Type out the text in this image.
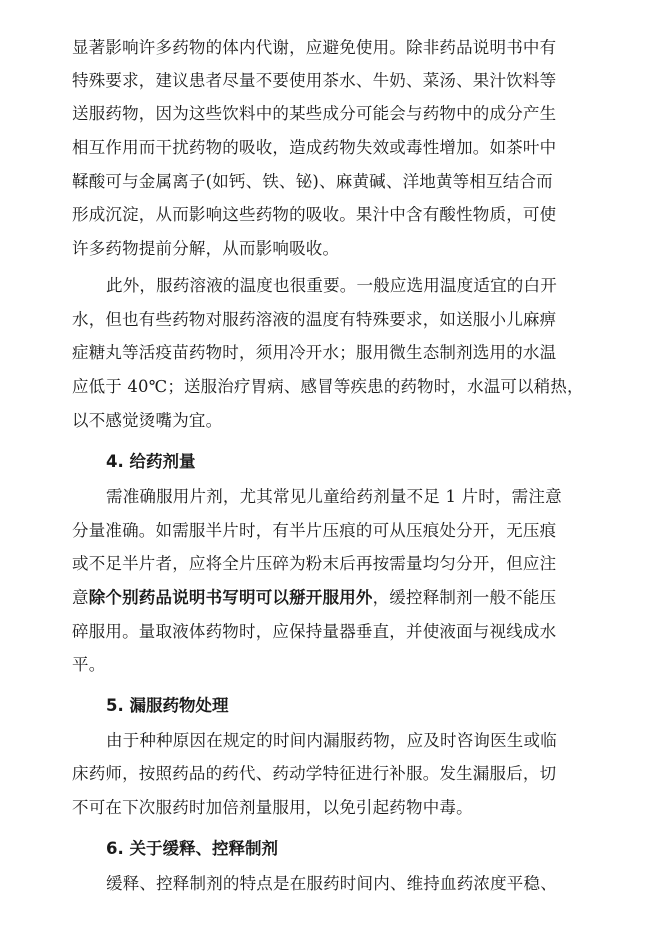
显著影响许多药物的体内代谢，应避免使用。除非药品说明书中有
特殊要求，建议患者尽量不要使用茶水、牛奶、菜汤、果汁饮料等
送服药物，因为这些饮料中的某些成分可能会与药物中的成分产生
相互作用而干扰药物的吸收，造成药物失效或毒性增加。如茶叶中
鞣酸可与金属离子(如钙、铁、铋)、麻黄碱、洋地黄等相互结合而
形成沉淀，从而影响这些药物的吸收。果汁中含有酸性物质，可使
许多药物提前分解，从而影响吸收。
此外，服药溶液的温度也很重要。一般应选用温度适宜的白开
水，但也有些药物对服药溶液的温度有特殊要求，如送服小儿麻痹
症糖丸等活疫苗药物时，须用冷开水；服用微生态制剂选用的水温
应低于 40℃；送服治疗胃病、感冒等疾患的药物时，水温可以稍热，
以不感觉烫嘴为宜。
4. 给药剂量
需准确服用片剂，尤其常见儿童给药剂量不足 1 片时，需注意
分量准确。如需服半片时，有半片压痕的可从压痕处分开，无压痕
或不足半片者，应将全片压碎为粉末后再按需量均匀分开，但应注
意除个别药品说明书写明可以掰开服用外，缓控释制剂一般不能压
碎服用。量取液体药物时，应保持量器垂直，并使液面与视线成水
平。
5. 漏服药物处理
由于种种原因在规定的时间内漏服药物，应及时咨询医生或临
床药师，按照药品的药代、药动学特征进行补服。发生漏服后，切
不可在下次服药时加倍剂量服用，以免引起药物中毒。
6. 关于缓释、控释制剂
缓释、控释制剂的特点是在服药时间内、维持血药浓度平稳、
